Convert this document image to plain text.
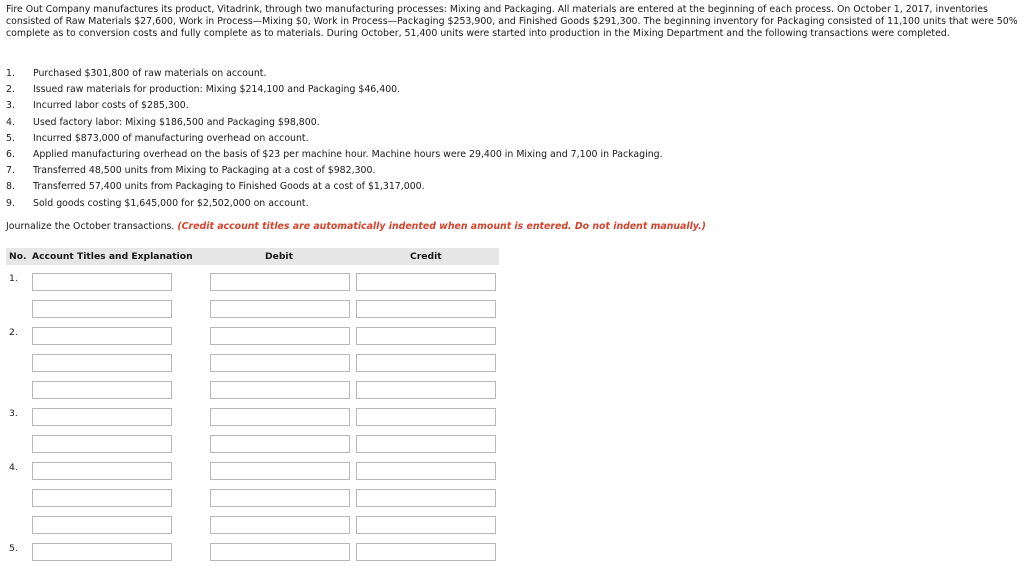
Fire Out Company manufactures its product, Vitadrink, through two manufacturing processes: Mixing and Packaging. All materials are entered at the beginning of each process. On October 1, 2017, inventories consisted of Raw Materials $27,600, Work in Process—Mixing $0, Work in Process—Packaging $253,900, and Finished Goods $291,300. The beginning inventory for Packaging consisted of 11,100 units that were 50% complete as to conversion costs and fully complete as to materials. During October, 51,400 units were started into production in the Mixing Department and the following transactions were completed.

1. Purchased $301,800 of raw materials on account.
2. Issued raw materials for production: Mixing $214,100 and Packaging $46,400.
3. Incurred labor costs of $285,300.
4. Used factory labor: Mixing $186,500 and Packaging $98,800.
5. Incurred $873,000 of manufacturing overhead on account.
6. Applied manufacturing overhead on the basis of $23 per machine hour. Machine hours were 29,400 in Mixing and 7,100 in Packaging.
7. Transferred 48,500 units from Mixing to Packaging at a cost of $982,300.
8. Transferred 57,400 units from Packaging to Finished Goods at a cost of $1,317,000.
9. Sold goods costing $1,645,000 for $2,502,000 on account.
Journalize the October transactions. (Credit account titles are automatically indented when amount is entered. Do not indent manually.)
No. Account Titles and Explanation	Debit	Credit
1.
2.
3.
4.
5.
